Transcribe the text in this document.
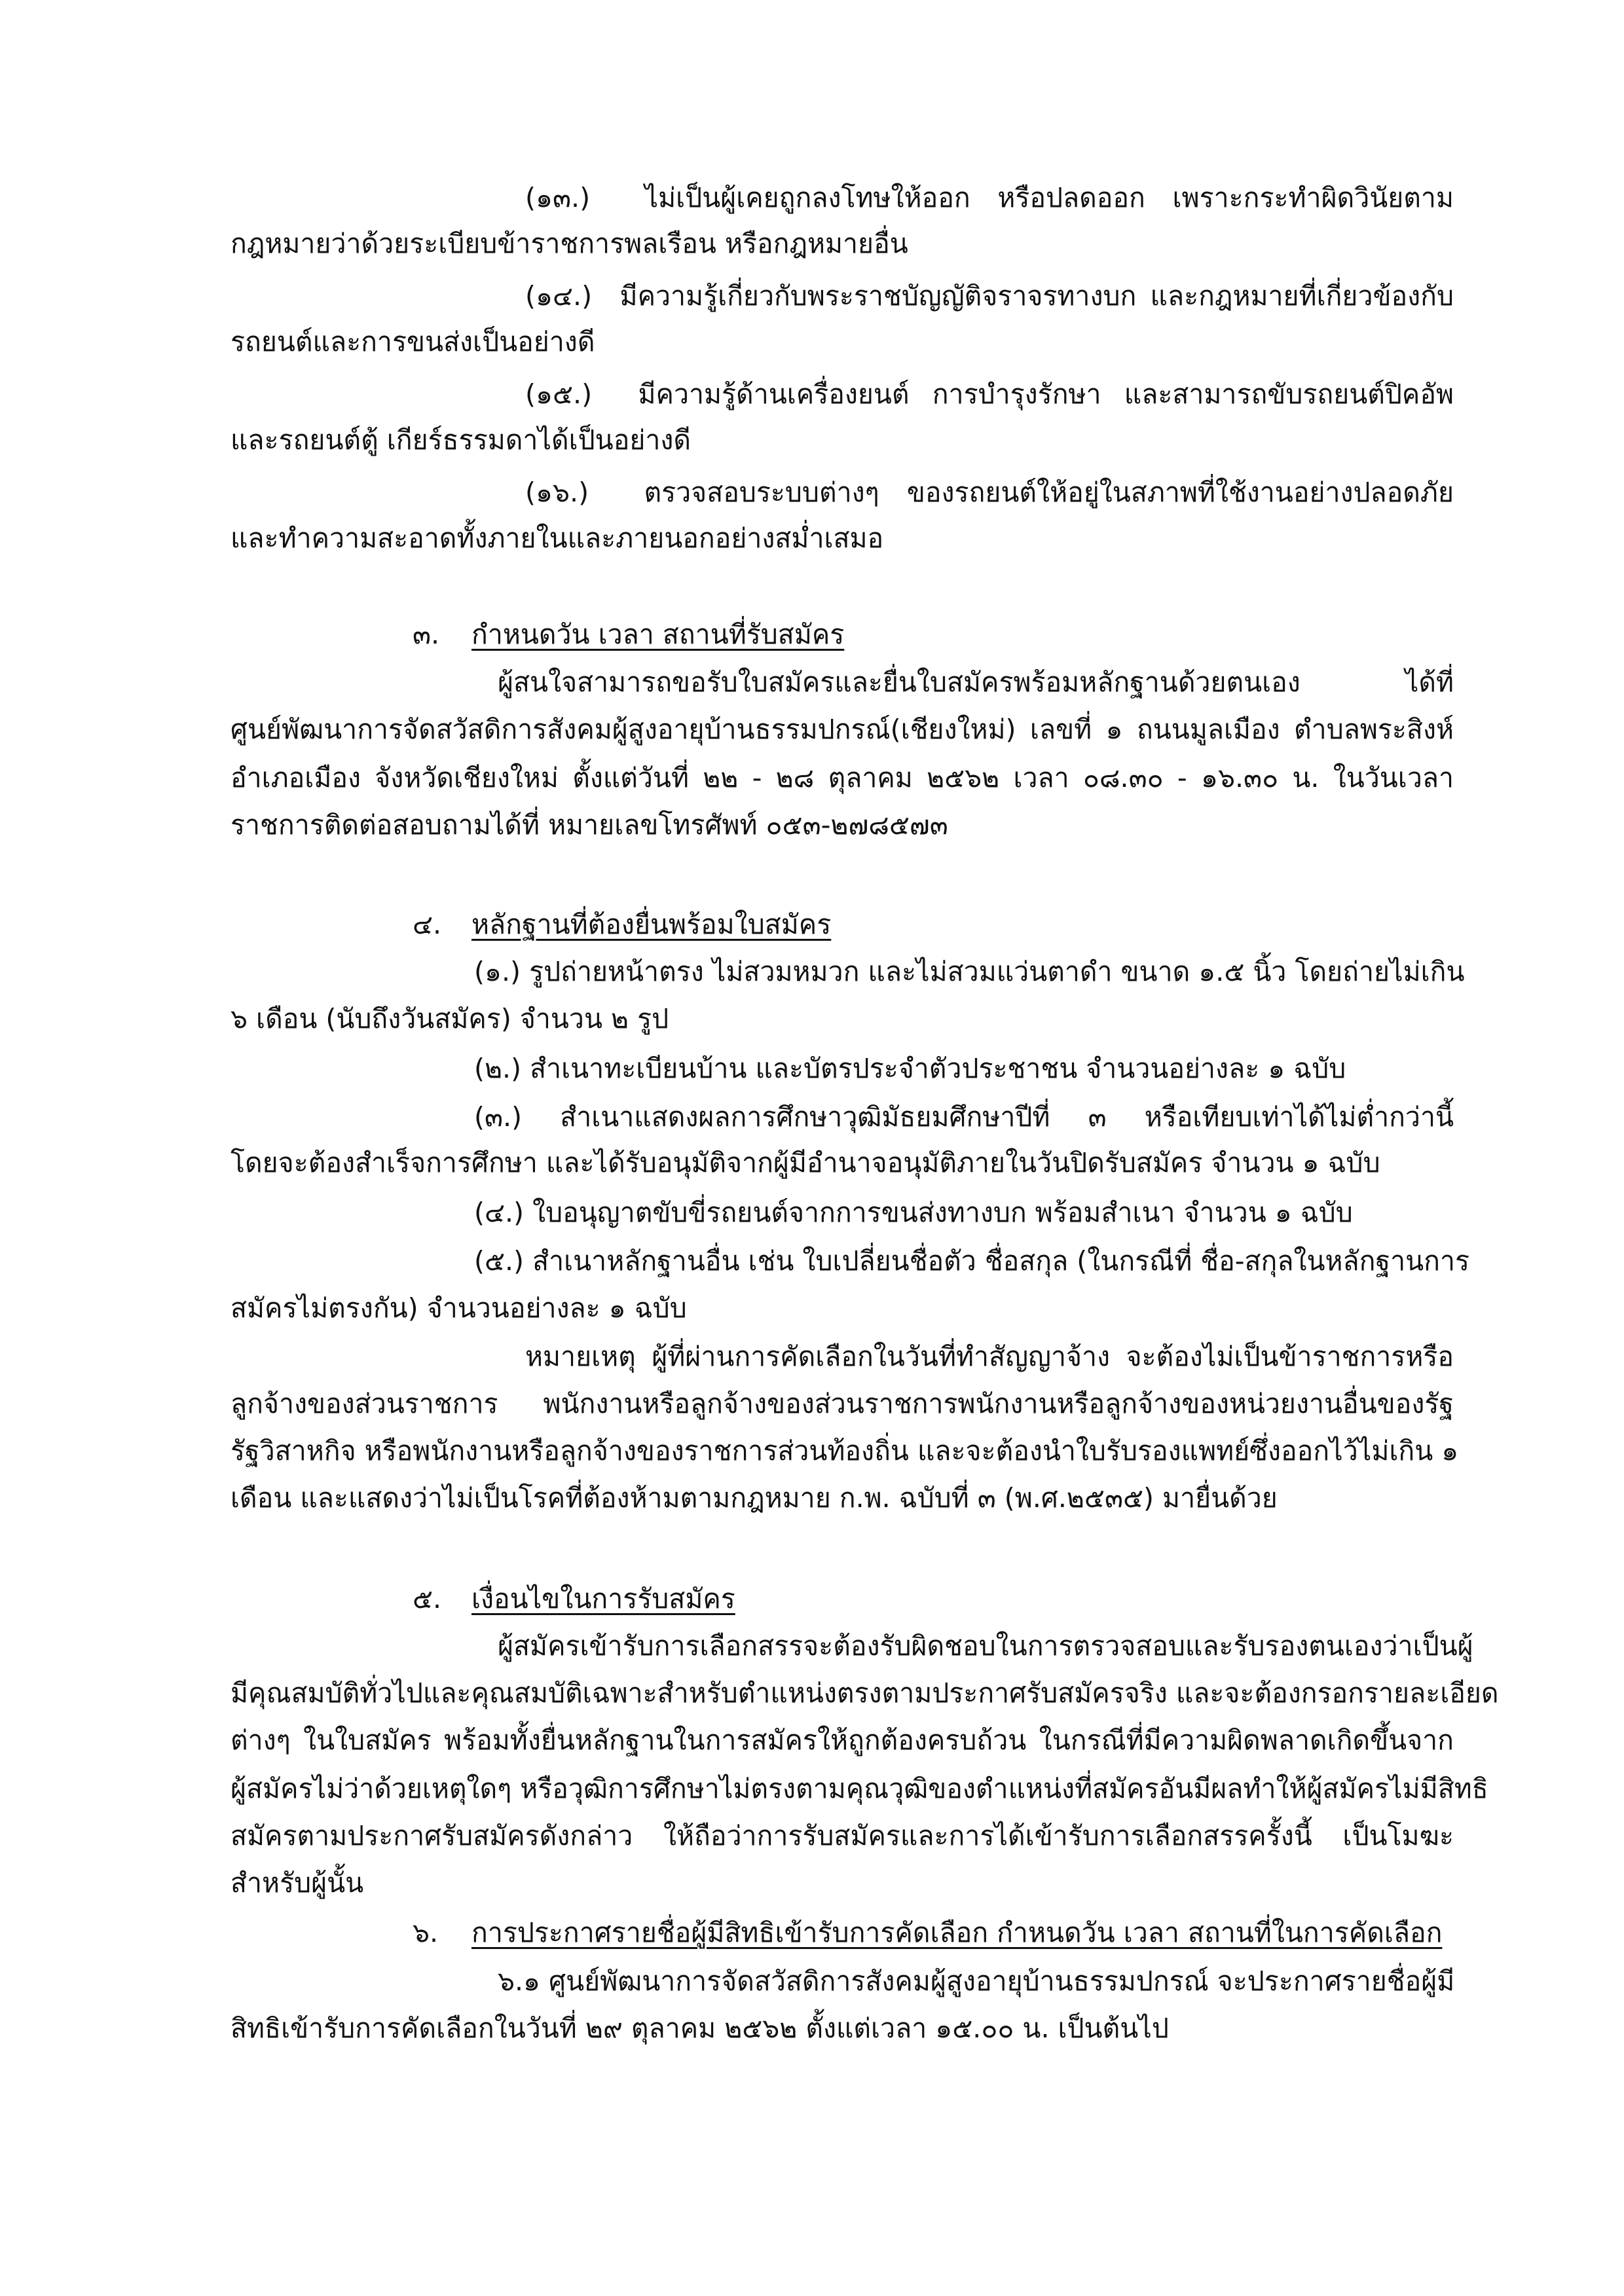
(๑๓.) ไม่เป็นผู้เคยถูกลงโทษให้ออก หรือปลดออก เพราะกระทำผิดวินัยตาม
กฎหมายว่าด้วยระเบียบข้าราชการพลเรือน หรือกฎหมายอื่น
(๑๔.) มีความรู้เกี่ยวกับพระราชบัญญัติจราจรทางบก และกฎหมายที่เกี่ยวข้องกับ
รถยนต์และการขนส่งเป็นอย่างดี
(๑๕.) มีความรู้ด้านเครื่องยนต์ การบำรุงรักษา และสามารถขับรถยนต์ปิคอัพ
และรถยนต์ตู้ เกียร์ธรรมดาได้เป็นอย่างดี
(๑๖.) ตรวจสอบระบบต่างๆ ของรถยนต์ให้อยู่ในสภาพที่ใช้งานอย่างปลอดภัย
และทำความสะอาดทั้งภายในและภายนอกอย่างสม่ำเสมอ
๓. กำหนดวัน เวลา สถานที่รับสมัคร
ผู้สนใจสามารถขอรับใบสมัครและยื่นใบสมัครพร้อมหลักฐานด้วยตนเอง ได้ที่
ศูนย์พัฒนาการจัดสวัสดิการสังคมผู้สูงอายุบ้านธรรมปกรณ์(เชียงใหม่) เลขที่ ๑ ถนนมูลเมือง ตำบลพระสิงห์
อำเภอเมือง จังหวัดเชียงใหม่ ตั้งแต่วันที่ ๒๒ - ๒๘ ตุลาคม ๒๕๖๒ เวลา ๐๘.๓๐ - ๑๖.๓๐ น. ในวันเวลา
ราชการติดต่อสอบถามได้ที่ หมายเลขโทรศัพท์ ๐๕๓-๒๗๘๕๗๓
๔. หลักฐานที่ต้องยื่นพร้อมใบสมัคร
(๑.) รูปถ่ายหน้าตรง ไม่สวมหมวก และไม่สวมแว่นตาดำ ขนาด ๑.๕ นิ้ว โดยถ่ายไม่เกิน
๖ เดือน (นับถึงวันสมัคร) จำนวน ๒ รูป
(๒.) สำเนาทะเบียนบ้าน และบัตรประจำตัวประชาชน จำนวนอย่างละ ๑ ฉบับ
(๓.) สำเนาแสดงผลการศึกษาวุฒิมัธยมศึกษาปีที่ ๓ หรือเทียบเท่าได้ไม่ต่ำกว่านี้
โดยจะต้องสำเร็จการศึกษา และได้รับอนุมัติจากผู้มีอำนาจอนุมัติภายในวันปิดรับสมัคร จำนวน ๑ ฉบับ
(๔.) ใบอนุญาตขับขี่รถยนต์จากการขนส่งทางบก พร้อมสำเนา จำนวน ๑ ฉบับ
(๕.) สำเนาหลักฐานอื่น เช่น ใบเปลี่ยนชื่อตัว ชื่อสกุล (ในกรณีที่ ชื่อ-สกุลในหลักฐานการ
สมัครไม่ตรงกัน) จำนวนอย่างละ ๑ ฉบับ
หมายเหตุ ผู้ที่ผ่านการคัดเลือกในวันที่ทำสัญญาจ้าง จะต้องไม่เป็นข้าราชการหรือ
ลูกจ้างของส่วนราชการ พนักงานหรือลูกจ้างของส่วนราชการพนักงานหรือลูกจ้างของหน่วยงานอื่นของรัฐ
รัฐวิสาหกิจ หรือพนักงานหรือลูกจ้างของราชการส่วนท้องถิ่น และจะต้องนำใบรับรองแพทย์ซึ่งออกไว้ไม่เกิน ๑
เดือน และแสดงว่าไม่เป็นโรคที่ต้องห้ามตามกฎหมาย ก.พ. ฉบับที่ ๓ (พ.ศ.๒๕๓๕) มายื่นด้วย
๕. เงื่อนไขในการรับสมัคร
ผู้สมัครเข้ารับการเลือกสรรจะต้องรับผิดชอบในการตรวจสอบและรับรองตนเองว่าเป็นผู้
มีคุณสมบัติทั่วไปและคุณสมบัติเฉพาะสำหรับตำแหน่งตรงตามประกาศรับสมัครจริง และจะต้องกรอกรายละเอียด
ต่างๆ ในใบสมัคร พร้อมทั้งยื่นหลักฐานในการสมัครให้ถูกต้องครบถ้วน ในกรณีที่มีความผิดพลาดเกิดขึ้นจาก
ผู้สมัครไม่ว่าด้วยเหตุใดๆ หรือวุฒิการศึกษาไม่ตรงตามคุณวุฒิของตำแหน่งที่สมัครอันมีผลทำให้ผู้สมัครไม่มีสิทธิ
สมัครตามประกาศรับสมัครดังกล่าว ให้ถือว่าการรับสมัครและการได้เข้ารับการเลือกสรรครั้งนี้ เป็นโมฆะ
สำหรับผู้นั้น
๖. การประกาศรายชื่อผู้มีสิทธิเข้ารับการคัดเลือก กำหนดวัน เวลา สถานที่ในการคัดเลือก
๖.๑ ศูนย์พัฒนาการจัดสวัสดิการสังคมผู้สูงอายุบ้านธรรมปกรณ์ จะประกาศรายชื่อผู้มี
สิทธิเข้ารับการคัดเลือกในวันที่ ๒๙ ตุลาคม ๒๕๖๒ ตั้งแต่เวลา ๑๕.๐๐ น. เป็นต้นไป
